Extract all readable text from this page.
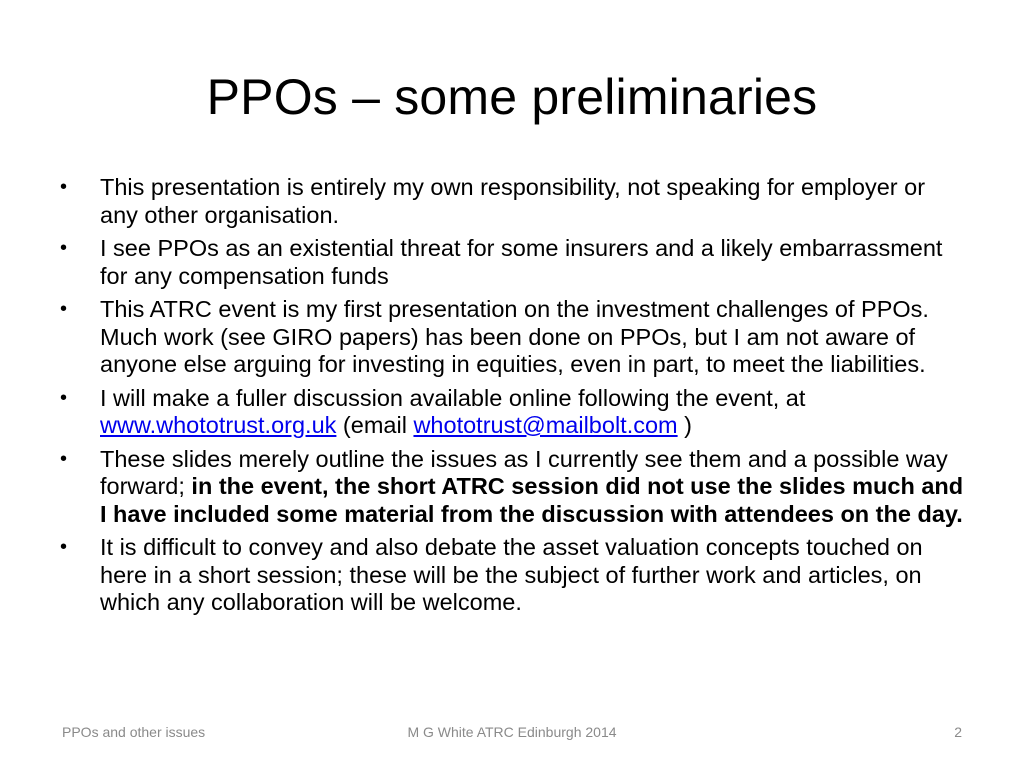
PPOs – some preliminaries
• This presentation is entirely my own responsibility, not speaking for employer or any other organisation.
• I see PPOs as an existential threat for some insurers and a likely embarrassment for any compensation funds
• This ATRC event is my first presentation on the investment challenges of PPOs. Much work (see GIRO papers) has been done on PPOs, but I am not aware of anyone else arguing for investing in equities, even in part, to meet the liabilities.
• I will make a fuller discussion available online following the event, at www.whototrust.org.uk (email whototrust@mailbolt.com )
• These slides merely outline the issues as I currently see them and a possible way forward; in the event, the short ATRC session did not use the slides much and I have included some material from the discussion with attendees on the day.
• It is difficult to convey and also debate the asset valuation concepts touched on here in a short session; these will be the subject of further work and articles, on which any collaboration will be welcome.
PPOs and other issues	M G White ATRC Edinburgh 2014	2
